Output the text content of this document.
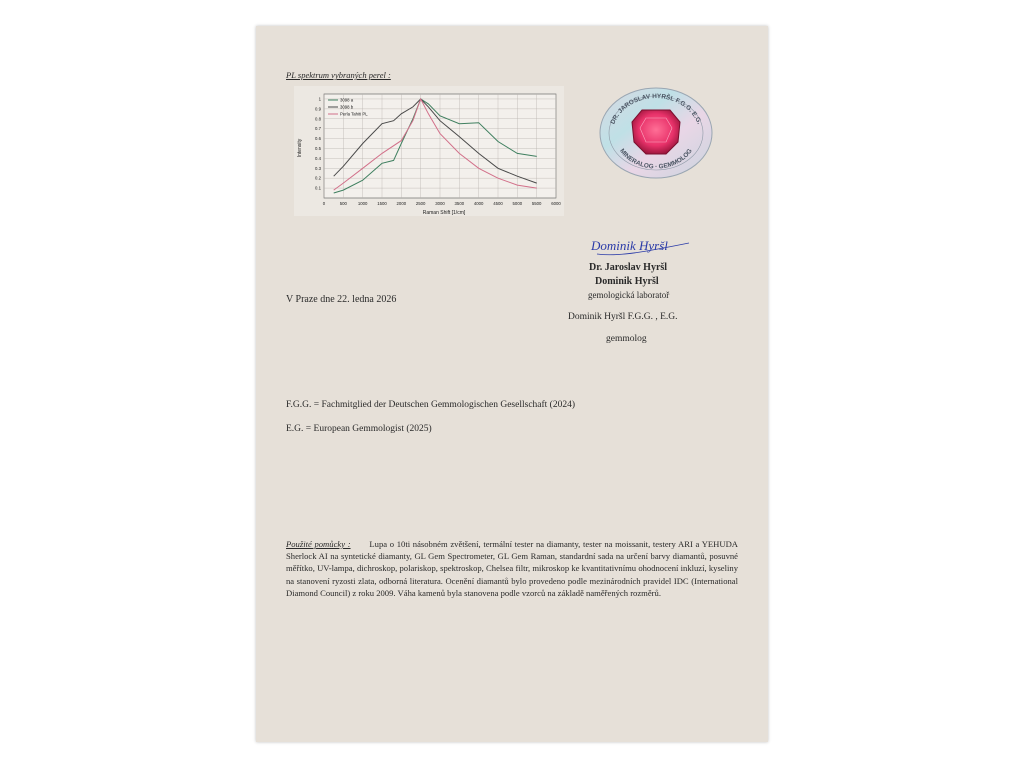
PL spektrum vybraných perel :
0	500	1000 1500 2000 2500 3000 3500 4000 4500 5000 5500 6000
0.1
0.2
0.3
0.4
0.5
0.6
0.7
0.8
0.9
1	3098 a
3098 b
Perla Tahiti PL
Raman Shift [1/cm]
Intensity
DR. JAROSLAV HYRŠL F.G.G. E.G.
MINERALOG · GEMMOLOG
Dominik Hyršl
Dr. Jaroslav Hyršl
Dominik Hyršl
gemologická laboratoř
V Praze dne 22. ledna 2026
Dominik Hyršl F.G.G. , E.G.
gemmolog
F.G.G. = Fachmitglied der Deutschen Gemmologischen Gesellschaft (2024)
E.G. = European Gemmologist (2025)
Použité pomůcky : Lupa o 10ti násobném zvětšení, termální tester na diamanty, tester na moissanit, testery ARI a YEHUDA Sherlock AI na syntetické diamanty, GL Gem Spectrometer, GL Gem Raman, standardní sada na určení barvy diamantů, posuvné měřítko, UV-lampa, dichroskop, polariskop, spektroskop, Chelsea filtr, mikroskop ke kvantitativnímu ohodnocení inkluzí, kyseliny na stanovení ryzosti zlata, odborná literatura. Ocenění diamantů bylo provedeno podle mezinárodních pravidel IDC (International Diamond Council) z roku 2009. Váha kamenů byla stanovena podle vzorců na základě naměřených rozměrů.
